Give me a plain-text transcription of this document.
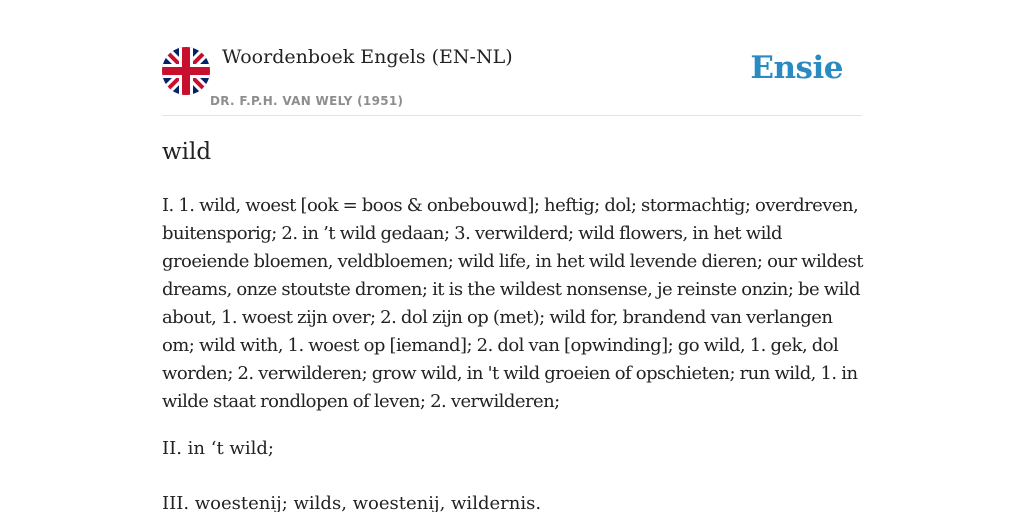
Woordenboek Engels (EN-NL)
DR. F.P.H. VAN WELY (1951)
Ensie
wild

I. 1. wild, woest [ook = boos & onbebouwd]; heftig; dol; stormachtig; overdreven, buitensporig; 2. in ’t wild gedaan; 3. verwilderd; wild flowers, in het wild groeiende bloemen, veldbloemen; wild life, in het wild levende dieren; our wildest dreams, onze stoutste dromen; it is the wildest nonsense, je reinste onzin; be wild about, 1. woest zijn over; 2. dol zijn op (met); wild for, brandend van verlangen om; wild with, 1. woest op [iemand]; 2. dol van [opwinding]; go wild, 1. gek, dol worden; 2. verwilderen; grow wild, in 't wild groeien of opschieten; run wild, 1. in wilde staat rondlopen of leven; 2. verwilderen;

II. in ‘t wild;

III. woestenij; wilds, woestenij, wildernis.
